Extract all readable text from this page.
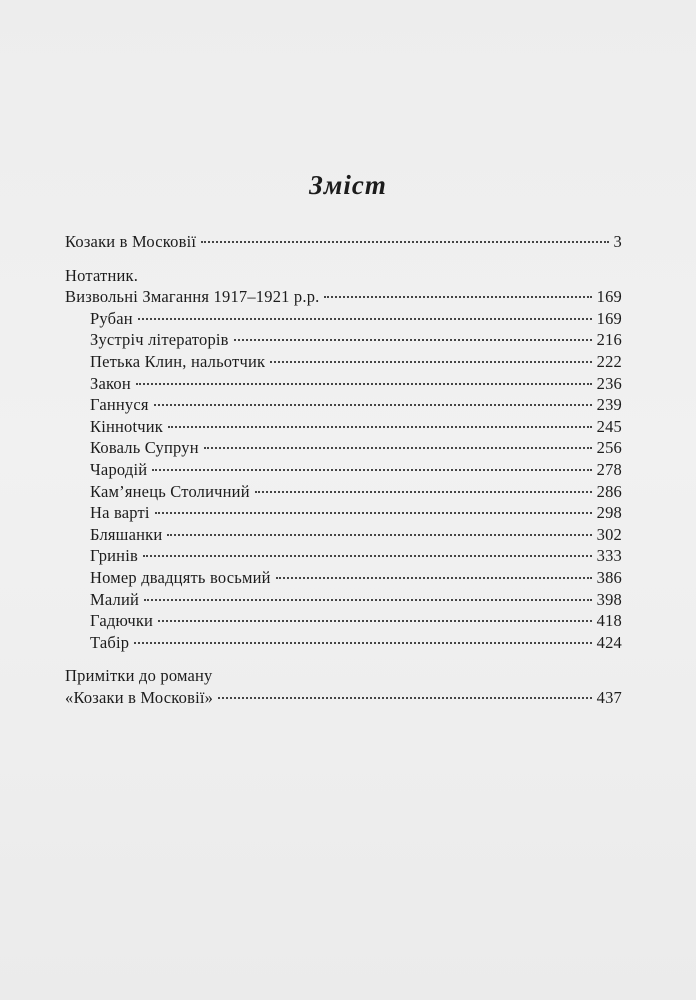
Зміст
Козаки в Московії	3
Нотатник.
Визвольні Змагання 1917–1921 р.р.	169
Рубан	169
Зустріч літераторів	216
Петька Клин, нальотчик	222
Закон	236
Ганнуся	239
Кінноtчик	245
Коваль Супрун	256
Чародій	278
Кам’янець Столичний	286
На варті	298
Бляшанки	302
Гринів	333
Номер двадцять восьмий	386
Малий	398
Гадючки	418
Табір	424
Примітки до роману
«Козаки в Московії»	437
